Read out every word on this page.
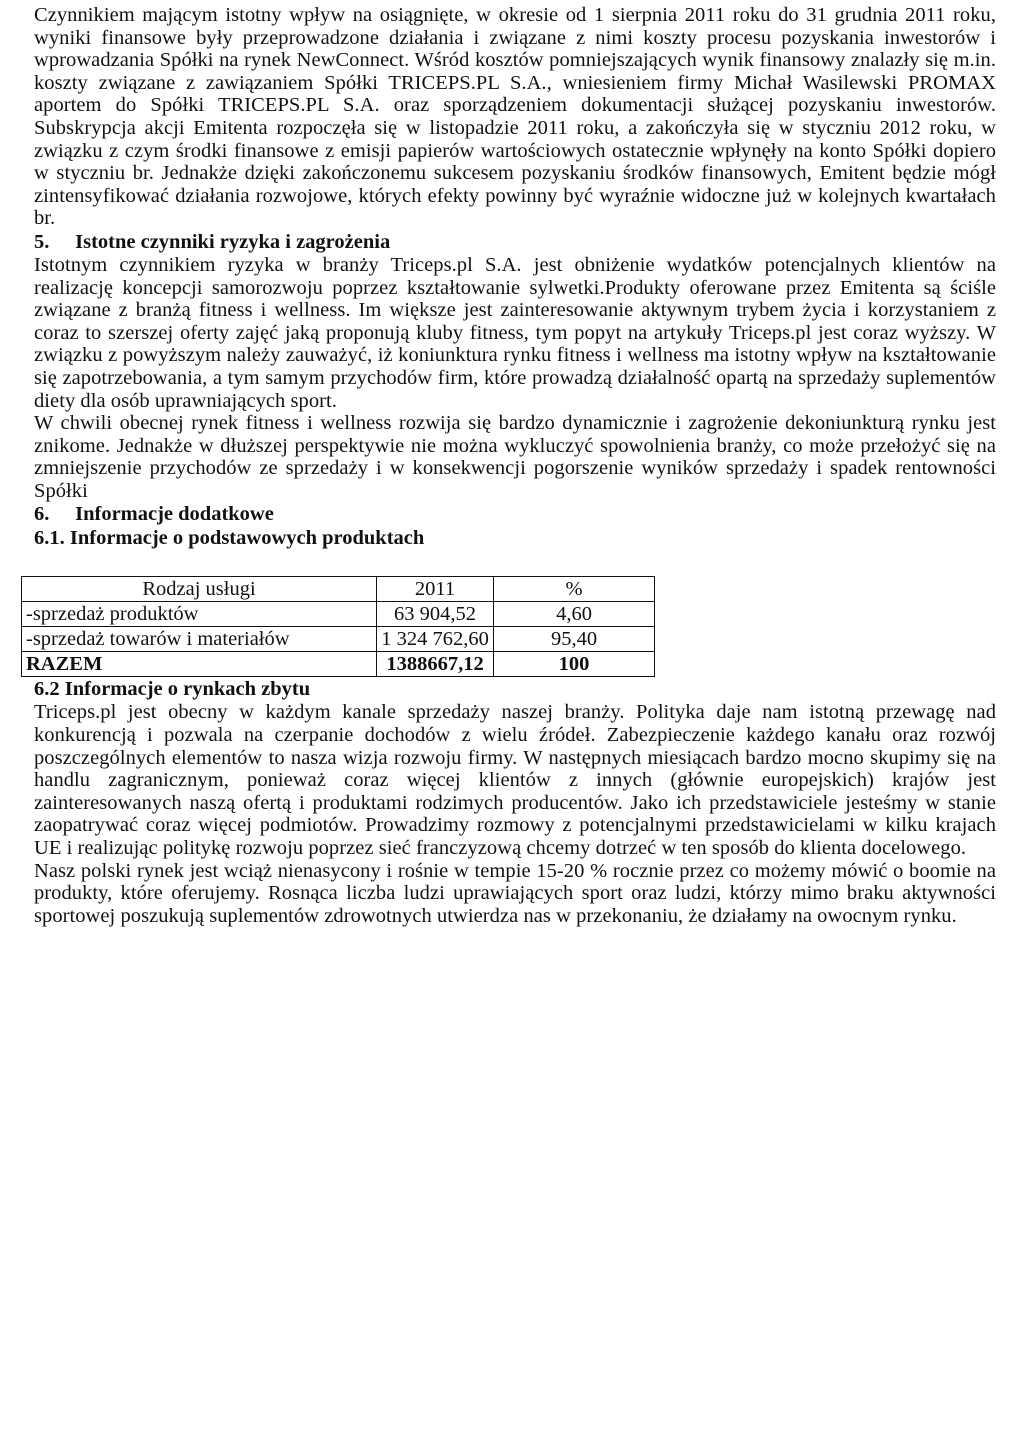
Czynnikiem mającym istotny wpływ na osiągnięte, w okresie od 1 sierpnia 2011 roku do 31 grudnia 2011 roku, wyniki finansowe były przeprowadzone działania i związane z nimi koszty procesu pozyskania inwestorów i wprowadzania Spółki na rynek NewConnect. Wśród kosztów pomniejszających wynik finansowy znalazły się m.in. koszty związane z zawiązaniem Spółki TRICEPS.PL S.A., wniesieniem firmy Michał Wasilewski PROMAX aportem do Spółki TRICEPS.PL S.A. oraz sporządzeniem dokumentacji służącej pozyskaniu inwestorów. Subskrypcja akcji Emitenta rozpoczęła się w listopadzie 2011 roku, a zakończyła się w styczniu 2012 roku, w związku z czym środki finansowe z emisji papierów wartościowych ostatecznie wpłynęły na konto Spółki dopiero w styczniu br. Jednakże dzięki zakończonemu sukcesem pozyskaniu środków finansowych, Emitent będzie mógł zintensyfikować działania rozwojowe, których efekty powinny być wyraźnie widoczne już w kolejnych kwartałach br.

5. Istotne czynniki ryzyka i zagrożenia

Istotnym czynnikiem ryzyka w branży Triceps.pl S.A. jest obniżenie wydatków potencjalnych klientów na realizację koncepcji samorozwoju poprzez kształtowanie sylwetki.Produkty oferowane przez Emitenta są ściśle związane z branżą fitness i wellness. Im większe jest zainteresowanie aktywnym trybem życia i korzystaniem z coraz to szerszej oferty zajęć jaką proponują kluby fitness, tym popyt na artykuły Triceps.pl jest coraz wyższy. W związku z powyższym należy zauważyć, iż koniunktura rynku fitness i wellness ma istotny wpływ na kształtowanie się zapotrzebowania, a tym samym przychodów firm, które prowadzą działalność opartą na sprzedaży suplementów diety dla osób uprawniających sport.

W chwili obecnej rynek fitness i wellness rozwija się bardzo dynamicznie i zagrożenie dekoniunkturą rynku jest znikome. Jednakże w dłuższej perspektywie nie można wykluczyć spowolnienia branży, co może przełożyć się na zmniejszenie przychodów ze sprzedaży i w konsekwencji pogorszenie wyników sprzedaży i spadek rentowności Spółki

6. Informacje dodatkowe
6.1. Informacje o podstawowych produktach
Rodzaj usługi	2011	%
-sprzedaż produktów	63 904,52	4,60
-sprzedaż towarów i materiałów	1 324 762,60	95,40
RAZEM	1388667,12	100
6.2 Informacje o rynkach zbytu

Triceps.pl jest obecny w każdym kanale sprzedaży naszej branży. Polityka daje nam istotną przewagę nad konkurencją i pozwala na czerpanie dochodów z wielu źródeł. Zabezpieczenie każdego kanału oraz rozwój poszczególnych elementów to nasza wizja rozwoju firmy. W następnych miesiącach bardzo mocno skupimy się na handlu zagranicznym, ponieważ coraz więcej klientów z innych (głównie europejskich) krajów jest zainteresowanych naszą ofertą i produktami rodzimych producentów. Jako ich przedstawiciele jesteśmy w stanie zaopatrywać coraz więcej podmiotów. Prowadzimy rozmowy z potencjalnymi przedstawicielami w kilku krajach UE i realizując politykę rozwoju poprzez sieć franczyzową chcemy dotrzeć w ten sposób do klienta docelowego.

Nasz polski rynek jest wciąż nienasycony i rośnie w tempie 15-20 % rocznie przez co możemy mówić o boomie na produkty, które oferujemy. Rosnąca liczba ludzi uprawiających sport oraz ludzi, którzy mimo braku aktywności sportowej poszukują suplementów zdrowotnych utwierdza nas w przekonaniu, że działamy na owocnym rynku.
